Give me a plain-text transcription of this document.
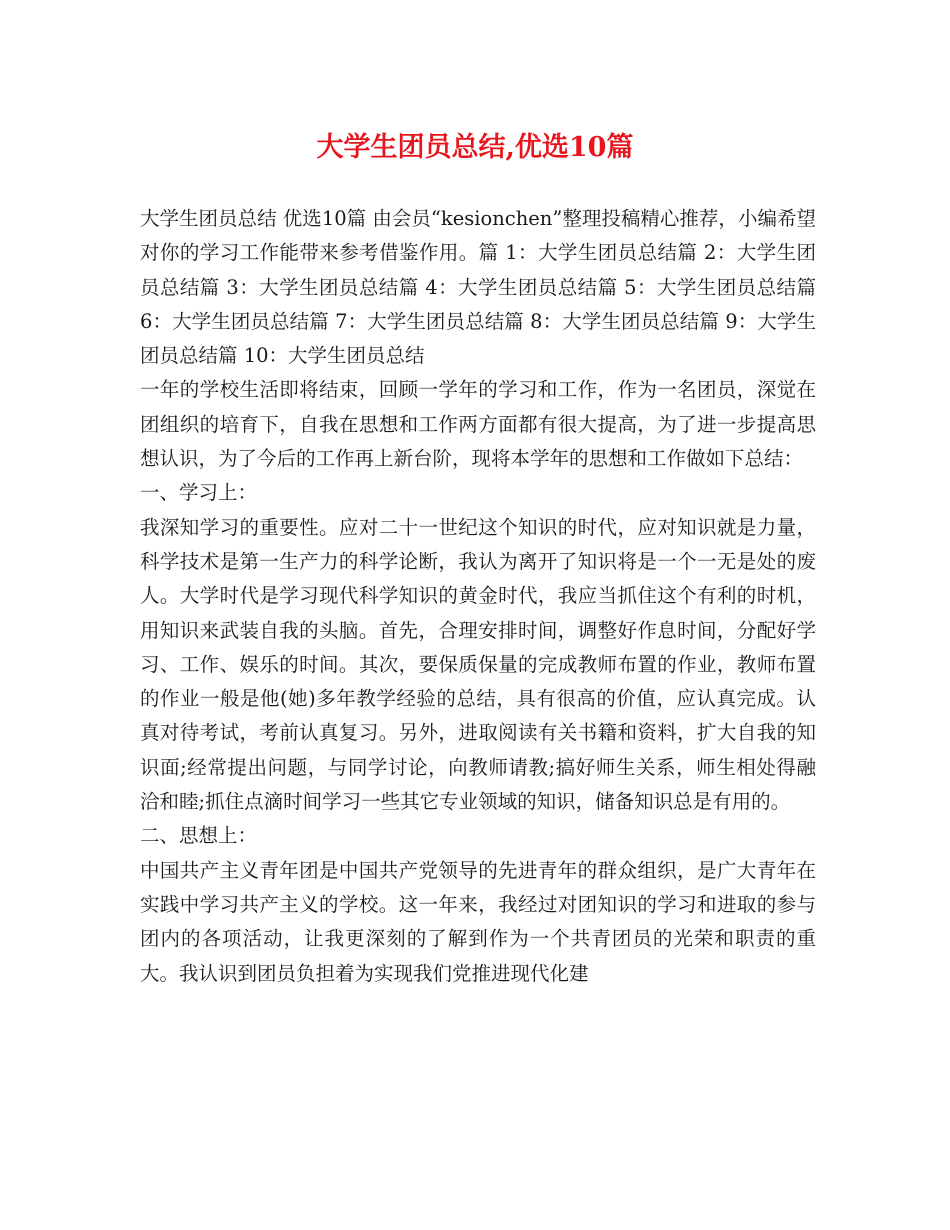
大学生团员总结,优选10篇

大学生团员总结 优选10篇 由会员“kesionchen”整理投稿精心推荐，小编希望对你的学习工作能带来参考借鉴作用。篇 1：大学生团员总结篇 2：大学生团员总结篇 3：大学生团员总结篇 4：大学生团员总结篇 5：大学生团员总结篇 6：大学生团员总结篇 7：大学生团员总结篇 8：大学生团员总结篇 9：大学生团员总结篇 10：大学生团员总结

一年的学校生活即将结束，回顾一学年的学习和工作，作为一名团员，深觉在团组织的培育下，自我在思想和工作两方面都有很大提高，为了进一步提高思想认识，为了今后的工作再上新台阶，现将本学年的思想和工作做如下总结：

一、学习上：

我深知学习的重要性。应对二十一世纪这个知识的时代，应对知识就是力量，科学技术是第一生产力的科学论断，我认为离开了知识将是一个一无是处的废人。大学时代是学习现代科学知识的黄金时代，我应当抓住这个有利的时机，用知识来武装自我的头脑。首先，合理安排时间，调整好作息时间，分配好学习、工作、娱乐的时间。其次，要保质保量的完成教师布置的作业，教师布置的作业一般是他(她)多年教学经验的总结，具有很高的价值，应认真完成。认真对待考试，考前认真复习。另外，进取阅读有关书籍和资料，扩大自我的知识面;经常提出问题，与同学讨论，向教师请教;搞好师生关系，师生相处得融洽和睦;抓住点滴时间学习一些其它专业领域的知识，储备知识总是有用的。

二、思想上：

中国共产主义青年团是中国共产党领导的先进青年的群众组织，是广大青年在实践中学习共产主义的学校。这一年来，我经过对团知识的学习和进取的参与团内的各项活动，让我更深刻的了解到作为一个共青团员的光荣和职责的重大。我认识到团员负担着为实现我们党推进现代化建
